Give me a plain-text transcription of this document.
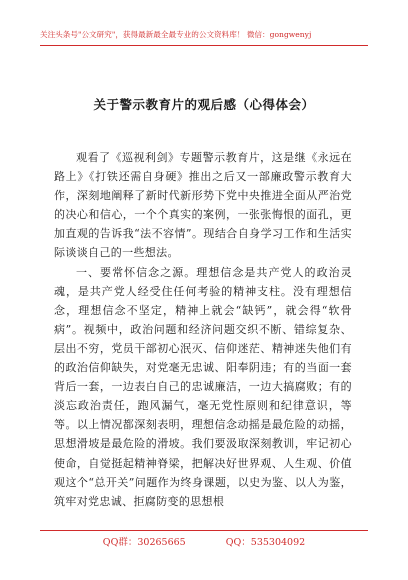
关注头条号"公文研究"，获得最新最全最专业的公文资料库！ 微信：gongwenyj
关于警示教育片的观后感（心得体会）

观看了《巡视利剑》专题警示教育片，这是继《永远在路上》《打铁还需自身硬》推出之后又一部廉政警示教育大作，深刻地阐释了新时代新形势下党中央推进全面从严治党的决心和信心，一个个真实的案例，一张张悔恨的面孔，更加直观的告诉我“法不容情”。现结合自身学习工作和生活实际谈谈自己的一些想法。

一、要常怀信念之源。理想信念是共产党人的政治灵魂，是共产党人经受住任何考验的精神支柱。没有理想信念，理想信念不坚定，精神上就会“缺钙”，就会得“软骨病”。视频中，政治问题和经济问题交织不断、错综复杂、层出不穷，党员干部初心泯灭、信仰迷茫、精神迷失他们有的政治信仰缺失，对党毫无忠诚、阳奉阴违；有的当面一套背后一套，一边表白自己的忠诚廉洁，一边大搞腐败；有的淡忘政治责任，跑风漏气，毫无党性原则和纪律意识，等等。以上情况都深刻表明，理想信念动摇是最危险的动摇，思想滑坡是最危险的滑坡。我们要汲取深刻教训，牢记初心使命，自觉挺起精神脊梁，把解决好世界观、人生观、价值观这个“总开关”问题作为终身课题，以史为鉴、以人为鉴，筑牢对党忠诚、拒腐防变的思想根

QQ群：30265665	QQ：535304092
